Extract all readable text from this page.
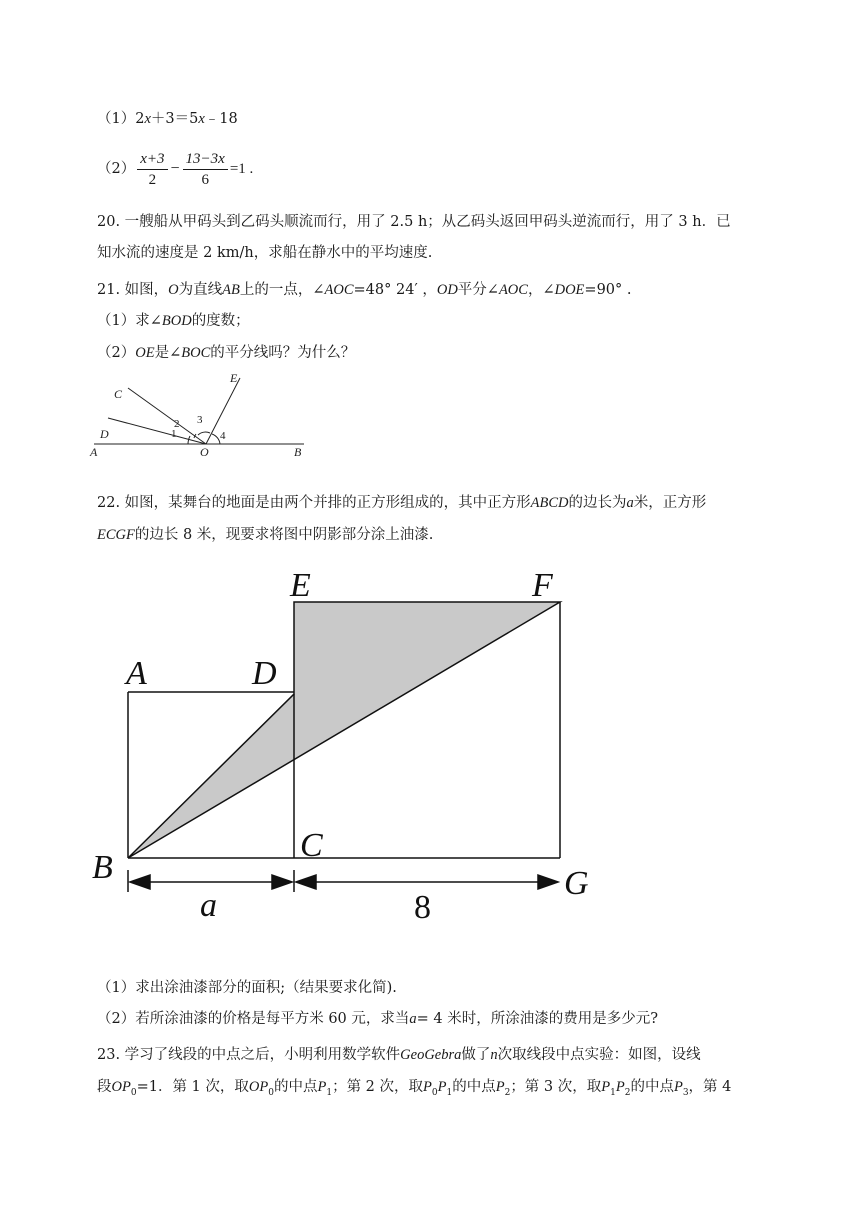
（1）2x＋3＝5x﹣18
$(2) \frac{x+3}{2} - \frac{13-3x}{6} =1$ .
20. 一艘船从甲码头到乙码头顺流而行，用了 2.5 h；从乙码头返回甲码头逆流而行，用了 3 h．已
知水流的速度是 2 km/h，求船在静水中的平均速度.
21. 如图，O为直线AB上的一点，∠AOC=48° 24′ ，OD平分∠AOC，∠DOE=90° .
（1）求∠BOD的度数；
（2）OE是∠BOC的平分线吗？为什么？
A	B
C
D
E
O
1
2 3
4
22. 如图，某舞台的地面是由两个并排的正方形组成的，其中正方形ABCD的边长为a米，正方形
ECGF的边长 8 米，现要求将图中阴影部分涂上油漆.
A
B
C
D
E	F
G
a	8
（1）求出涂油漆部分的面积;（结果要求化简).
（2）若所涂油漆的价格是每平方米 60 元，求当a= 4 米时，所涂油漆的费用是多少元?
23. 学习了线段的中点之后，小明利用数学软件GeoGebra做了n次取线段中点实验：如图，设线
段$OP_0=1$．第 1 次，取$OP_0$的中点$P_1$；第 2 次，取$P_0P_1$的中点$P_2$；第 3 次，取$P_1P_2$的中点$P_3$，第 4
